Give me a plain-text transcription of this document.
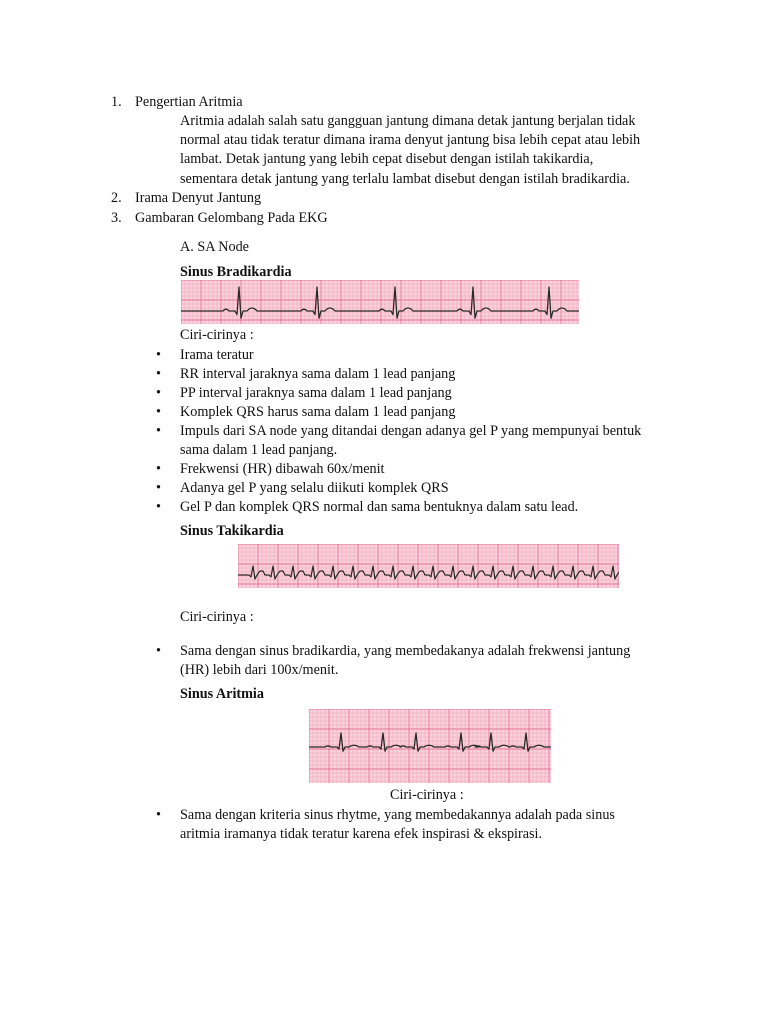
1. Pengertian Aritmia
Aritmia adalah salah satu gangguan jantung dimana detak jantung berjalan tidak
normal atau tidak teratur dimana irama denyut jantung bisa lebih cepat atau lebih
lambat. Detak jantung yang lebih cepat disebut dengan istilah takikardia,
sementara detak jantung yang terlalu lambat disebut dengan istilah bradikardia.
2. Irama Denyut Jantung
3. Gambaran Gelombang Pada EKG
A. SA Node
Sinus Bradikardia
Ciri-cirinya :
• Irama teratur
• RR interval jaraknya sama dalam 1 lead panjang
• PP interval jaraknya sama dalam 1 lead panjang
• Komplek QRS harus sama dalam 1 lead panjang
• Impuls dari SA node yang ditandai dengan adanya gel P yang mempunyai bentuk
sama dalam 1 lead panjang.
• Frekwensi (HR) dibawah 60x/menit
• Adanya gel P yang selalu diikuti komplek QRS
• Gel P dan komplek QRS normal dan sama bentuknya dalam satu lead.
Sinus Takikardia
Ciri-cirinya :
• Sama dengan sinus bradikardia, yang membedakanya adalah frekwensi jantung
(HR) lebih dari 100x/menit.
Sinus Aritmia
Ciri-cirinya :
• Sama dengan kriteria sinus rhytme, yang membedakannya adalah pada sinus
aritmia iramanya tidak teratur karena efek inspirasi & ekspirasi.
